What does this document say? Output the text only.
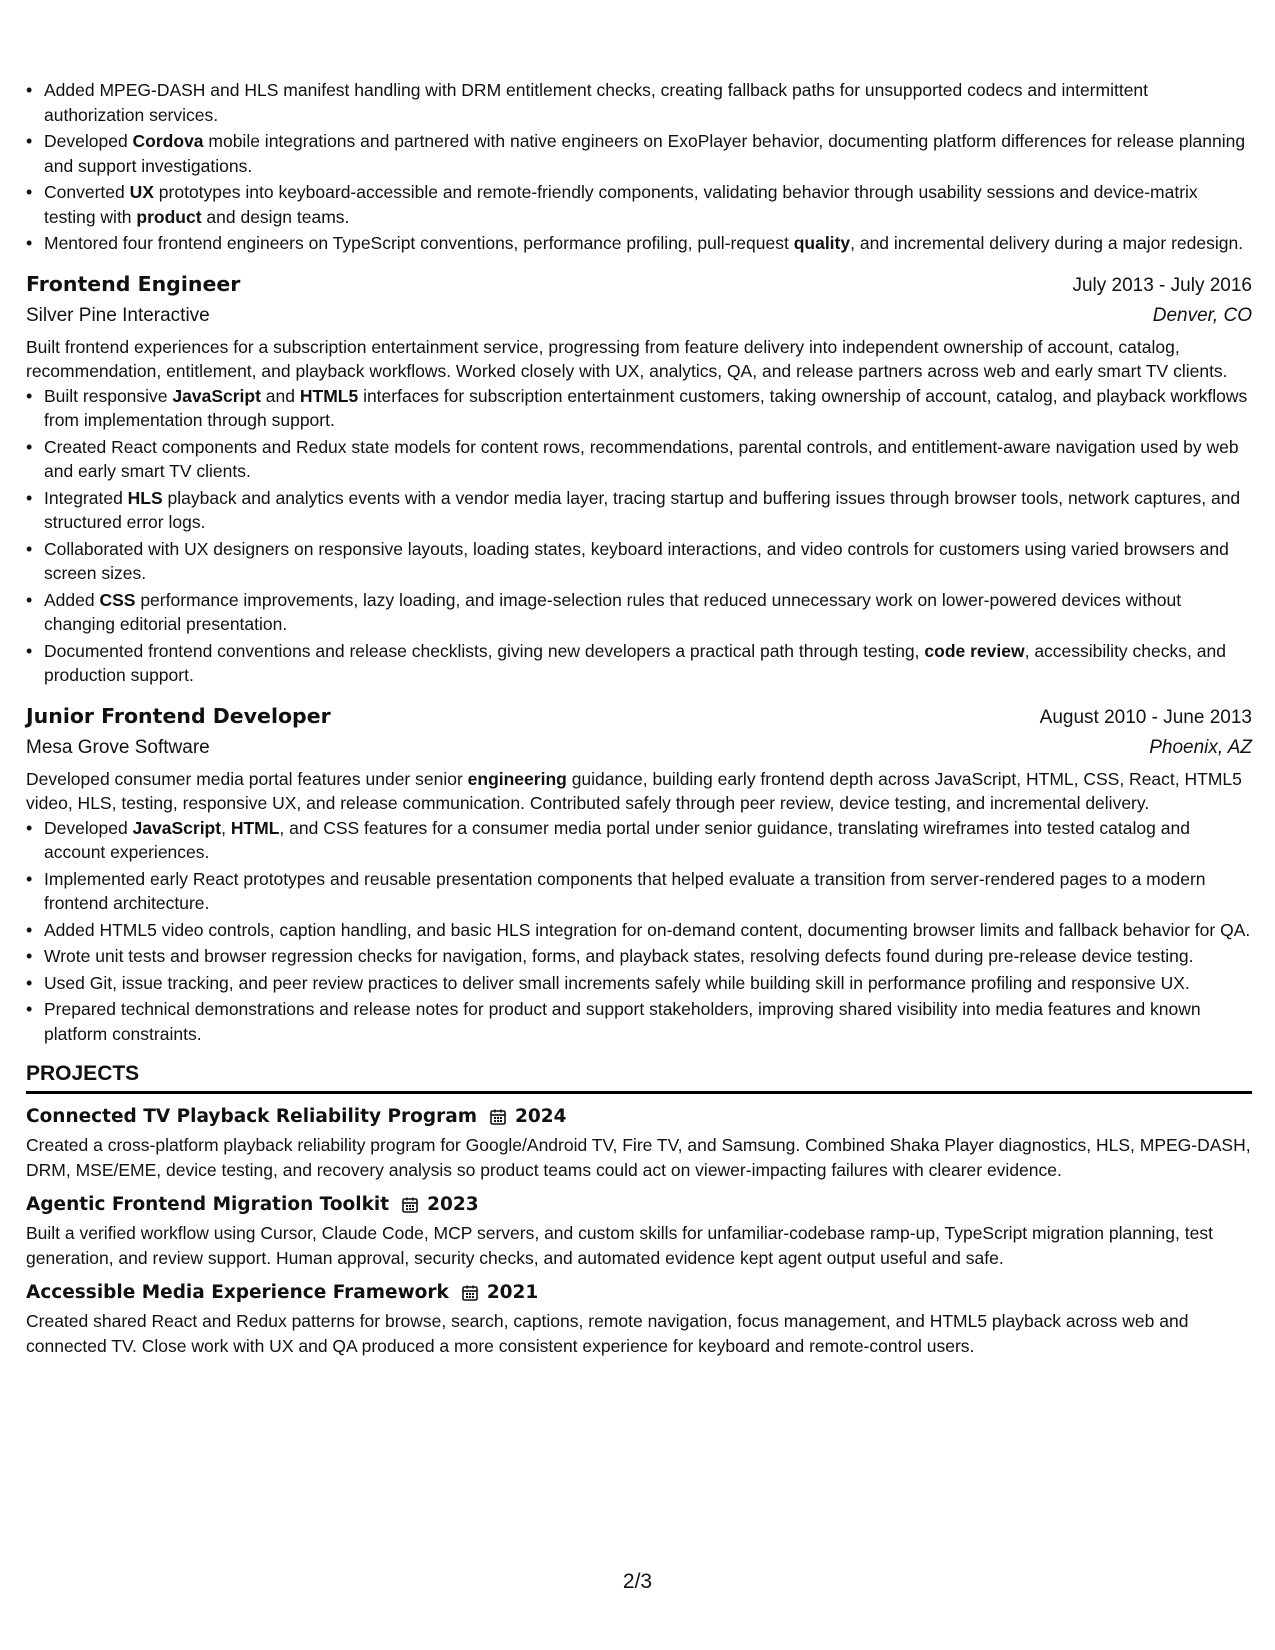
• Added MPEG-DASH and HLS manifest handling with DRM entitlement checks, creating fallback paths for unsupported codecs and intermittent authorization services.
• Developed Cordova mobile integrations and partnered with native engineers on ExoPlayer behavior, documenting platform differences for release planning and support investigations.
• Converted UX prototypes into keyboard-accessible and remote-friendly components, validating behavior through usability sessions and device-matrix testing with product and design teams.
• Mentored four frontend engineers on TypeScript conventions, performance profiling, pull-request quality, and incremental delivery during a major redesign.
Frontend Engineer	July 2013 - July 2016
Silver Pine Interactive	Denver, CO
Built frontend experiences for a subscription entertainment service, progressing from feature delivery into independent ownership of account, catalog, recommendation, entitlement, and playback workflows. Worked closely with UX, analytics, QA, and release partners across web and early smart TV clients.
• Built responsive JavaScript and HTML5 interfaces for subscription entertainment customers, taking ownership of account, catalog, and playback workflows from implementation through support.
• Created React components and Redux state models for content rows, recommendations, parental controls, and entitlement-aware navigation used by web and early smart TV clients.
• Integrated HLS playback and analytics events with a vendor media layer, tracing startup and buffering issues through browser tools, network captures, and structured error logs.
• Collaborated with UX designers on responsive layouts, loading states, keyboard interactions, and video controls for customers using varied browsers and screen sizes.
• Added CSS performance improvements, lazy loading, and image-selection rules that reduced unnecessary work on lower-powered devices without changing editorial presentation.
• Documented frontend conventions and release checklists, giving new developers a practical path through testing, code review, accessibility checks, and production support.
Junior Frontend Developer	August 2010 - June 2013
Mesa Grove Software	Phoenix, AZ
Developed consumer media portal features under senior engineering guidance, building early frontend depth across JavaScript, HTML, CSS, React, HTML5 video, HLS, testing, responsive UX, and release communication. Contributed safely through peer review, device testing, and incremental delivery.
• Developed JavaScript, HTML, and CSS features for a consumer media portal under senior guidance, translating wireframes into tested catalog and account experiences.
• Implemented early React prototypes and reusable presentation components that helped evaluate a transition from server-rendered pages to a modern frontend architecture.
• Added HTML5 video controls, caption handling, and basic HLS integration for on-demand content, documenting browser limits and fallback behavior for QA.
• Wrote unit tests and browser regression checks for navigation, forms, and playback states, resolving defects found during pre-release device testing.
• Used Git, issue tracking, and peer review practices to deliver small increments safely while building skill in performance profiling and responsive UX.
• Prepared technical demonstrations and release notes for product and support stakeholders, improving shared visibility into media features and known platform constraints.
PROJECTS
Connected TV Playback Reliability Program 2024
Created a cross-platform playback reliability program for Google/Android TV, Fire TV, and Samsung. Combined Shaka Player diagnostics, HLS, MPEG-DASH, DRM, MSE/EME, device testing, and recovery analysis so product teams could act on viewer-impacting failures with clearer evidence.
Agentic Frontend Migration Toolkit 2023
Built a verified workflow using Cursor, Claude Code, MCP servers, and custom skills for unfamiliar-codebase ramp-up, TypeScript migration planning, test generation, and review support. Human approval, security checks, and automated evidence kept agent output useful and safe.
Accessible Media Experience Framework 2021
Created shared React and Redux patterns for browse, search, captions, remote navigation, focus management, and HTML5 playback across web and connected TV. Close work with UX and QA produced a more consistent experience for keyboard and remote-control users.
2/3
